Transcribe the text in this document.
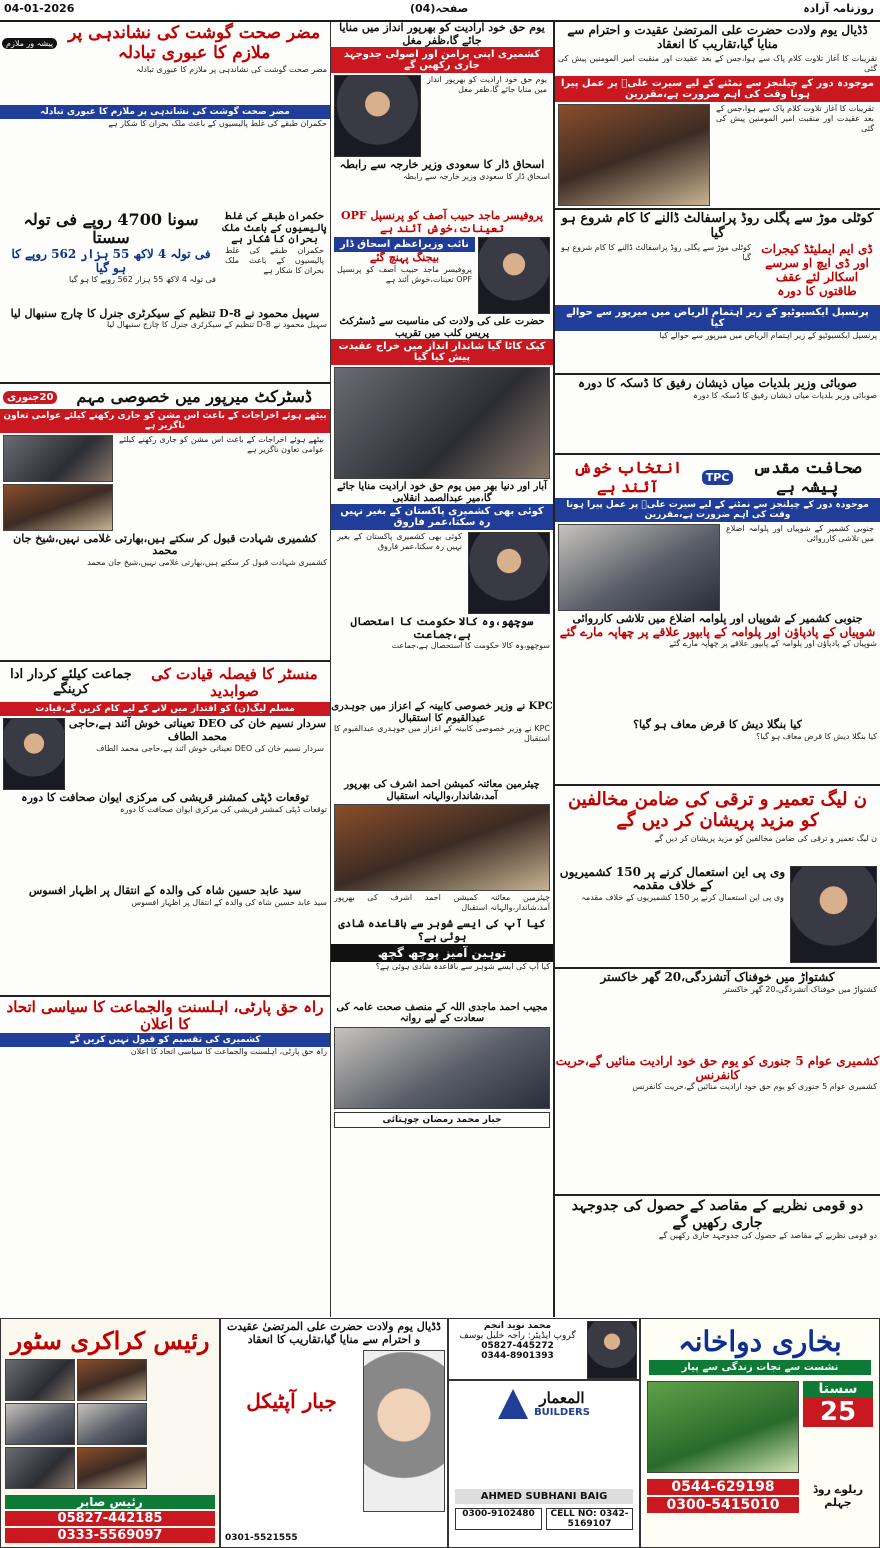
04-01-2026	صفحہ(04)	روزنامہ آزادہ
ڈڈیال یوم ولادت حضرت علی المرتضیٰ عقیدت و احترام سے منایا گیا،تقاریب کا انعقاد
تقریبات کا آغاز تلاوت کلام پاک سے ہوا،جس کے بعد عقیدت اور منقبت امیر المومنین پیش کی گئی
موجودہ دور کے چیلنجز سے نمٹنے کے لیے سیرت علیؓ پر عمل پیرا ہونا وقت کی اہم ضرورت ہے،مقررین
تقریبات کا آغاز تلاوت کلام پاک سے ہوا،جس کے بعد عقیدت اور منقبت امیر المومنین پیش کی گئی
کوٹلی موڑ سے پگلی روڈ پراسفالٹ ڈالنے کا کام شروع ہو گیا
کوٹلی موڑ سے پگلی روڈ پراسفالٹ ڈالنے کا کام شروع ہو گیا
ڈی ایم ایملیٹڈ کیجرات اور ڈی ایچ او سرسے اسکالر لئے عقف طاقتوں کا دورہ
پرنسپل ایکسیوٹیو کے زیر اہتمام الریاض میں میرپور سے حوالے کیا
پرنسپل ایکسیوٹیو کے زیر اہتمام الریاض میں میرپور سے حوالے کیا
صوبائی وزیر بلدیات میاں ذیشان رفیق کا ڈسکہ کا دورہ
صوبائی وزیر بلدیات میاں ذیشان رفیق کا ڈسکہ کا دورہ
صحافت مقدس پیشہ ہے
TPC
انتخاب خوش آئند ہے
موجودہ دور کے چیلنجز سے نمٹنے کے لیے سیرت علیؓ پر عمل پیرا ہونا وقت کی اہم ضرورت ہے،مقررین
جنوبی کشمیر کے شوپیاں اور پلوامہ اضلاع میں تلاشی کارروائی
جنوبی کشمیر کے شوپیاں اور پلوامہ اضلاع میں تلاشی کارروائی
شوپیاں کے پادپاؤن اور پلوامہ کے پابپور علاقے پر چھاپہ مارے گئے
شوپیاں کے پادپاؤن اور پلوامہ کے پابپور علاقے پر چھاپہ مارے گئے
کیا بنگلا دیش کا قرض معاف ہو گیا؟
کیا بنگلا دیش کا قرض معاف ہو گیا؟
ن لیگ تعمیر و ترقی کی ضامن مخالفین کو مزید پریشان کر دیں گے
ن لیگ تعمیر و ترقی کی ضامن مخالفین کو مزید پریشان کر دیں گے
وی پی این استعمال کرنے پر 150 کشمیریوں کے خلاف مقدمہ
وی پی این استعمال کرنے پر 150 کشمیریوں کے خلاف مقدمہ
کشتواڑ میں خوفناک آتشزدگی،20 گھر خاکستر
کشتواڑ میں خوفناک آتشزدگی،20 گھر خاکستر
کشمیری عوام 5 جنوری کو یوم حق خود ارادیت منائیں گے،حریت کانفرنس
کشمیری عوام 5 جنوری کو یوم حق خود ارادیت منائیں گے،حریت کانفرنس
دو قومی نظریے کے مقاصد کے حصول کی جدوجہد جاری رکھیں گے
دو قومی نظریے کے مقاصد کے حصول کی جدوجہد جاری رکھیں گے
یوم حق خود ارادیت کو بھرپور انداز میں منایا جائے گا،ظفر مغل
کشمیری اپنی پرامن اور اصولی جدوجہد جاری رکھیں گے
یوم حق خود ارادیت کو بھرپور انداز میں منایا جائے گا،ظفر مغل
اسحاق ڈار کا سعودی وزیر خارجہ سے رابطہ
اسحاق ڈار کا سعودی وزیر خارجہ سے رابطہ
پروفیسر ماجد حبیب آصف کو پرنسپل OPF تعینات،خوش آئند ہے
نائب وزیراعظم اسحاق ڈار
بیجنگ پہنچ گئے
پروفیسر ماجد حبیب آصف کو پرنسپل OPF تعینات،خوش آئند ہے
حضرت علی کی ولادت کی مناسبت سے ڈسٹرکٹ پریس کلب میں تقریب
کیک کاٹا گیا شاندار انداز میں خراج عقیدت پیش کیا گیا
آبار اور دنیا بھر میں یوم حق خود ارادیت منایا جائے گا،میر عبدالصمد انقلابی
کوئی بھی کشمیری پاکستان کے بغیر نہیں رہ سکتا،عمر فاروق
کوئی بھی کشمیری پاکستان کے بغیر نہیں رہ سکتا،عمر فاروق
سوچھو،وہ کالا حکومت کا استحصال ہے،جماعت
سوچھو،وہ کالا حکومت کا استحصال ہے،جماعت
KPC نے وزیر خصوصی کابینہ کے اعزاز میں جوہدری عبدالقیوم کا استقبال
KPC نے وزیر خصوصی کابینہ کے اعزاز میں جوہدری عبدالقیوم کا استقبال
چیئرمین معائنہ کمیشن احمد اشرف کی بھرپور آمد،شاندار،والہانہ استقبال
چیئرمین معائنہ کمیشن احمد اشرف کی بھرپور آمد،شاندار،والہانہ استقبال
کیا آپ کی ایسے شوہر سے باقاعدہ شادی ہوئی ہے؟
توہین آمیز پوچھ گچھ
کیا آپ کی ایسے شوہر سے باقاعدہ شادی ہوئی ہے؟
مجیب احمد ماجدی اللہ کے منصف صحت عامہ کی سعادت کے لیے روانہ
جبار محمد رمضان چوہتائی
مضر صحت گوشت کی نشاندہی پر ملازم کا عبوری تبادلہ
پیشہ ور ملازم
مضر صحت گوشت کی نشاندہی پر ملازم کا عبوری تبادلہ
مضر صحت گوشت کی نشاندہی پر ملازم کا عبوری تبادلہ
حکمران طبقے کی غلط پالیسیوں کے باعث ملک بحران کا شکار ہے
سونا 4700 روپے فی تولہ سستا
فی تولہ 4 لاکھ 55 ہزار 562 روپے کا ہو گیا
فی تولہ 4 لاکھ 55 ہزار 562 روپے کا ہو گیا
حکمران طبقے کی غلط پالیسیوں کے باعث ملک بحران کا شکار ہے
حکمران طبقے کی غلط پالیسیوں کے باعث ملک بحران کا شکار ہے
سہیل محمود نے D-8 تنظیم کے سیکرٹری جنرل کا چارج سنبھال لیا
سہیل محمود نے D-8 تنظیم کے سیکرٹری جنرل کا چارج سنبھال لیا
ڈسٹرکٹ میرپور میں خصوصی مہم
20جنوری
بیٹھے ہوئے اخراجات کے باعث اس مشن کو جاری رکھنے کیلئے عوامی تعاون ناگزیر ہے
بیٹھے ہوئے اخراجات کے باعث اس مشن کو جاری رکھنے کیلئے عوامی تعاون ناگزیر ہے
کشمیری شہادت قبول کر سکتے ہیں،بھارتی غلامی نہیں،شیخ جان محمد
کشمیری شہادت قبول کر سکتے ہیں،بھارتی غلامی نہیں،شیخ جان محمد
منسٹر کا فیصلہ قیادت کی صوابدید
جماعت کیلئے کردار ادا کرینگے
مسلم لیگ(ن) کو اقتدار میں لانے کے لیے کام کریں گے،قیادت
سردار نسیم خان کی DEO تعیناتی خوش آئند ہے،حاجی محمد الطاف
سردار نسیم خان کی DEO تعیناتی خوش آئند ہے،حاجی محمد الطاف
توقعات ڈپٹی کمشنر قریشی کی مرکزی ایوان صحافت کا دورہ
توقعات ڈپٹی کمشنر قریشی کی مرکزی ایوان صحافت کا دورہ
سید عابد حسین شاہ کی والدہ کے انتقال پر اظہار افسوس
سید عابد حسین شاہ کی والدہ کے انتقال پر اظہار افسوس
راہ حق پارٹی، اہلسنت والجماعت کا سیاسی اتحاد کا اعلان
کشمیری کی تقسیم کو قبول نہیں کریں گے
راہ حق پارٹی، اہلسنت والجماعت کا سیاسی اتحاد کا اعلان
بخاری دواخانہ
نشست سے نجات زندگی سے پیار
سستا
25
0544-629198
0300-5415010
ریلوے روڈ جہلم
المعمار
BUILDERS
AHMED SUBHANI BAIG
0300-9102480	CELL NO: 0342-5169107
محمد نوید انجم
گروپ ایڈیٹر: راجہ خلیل یوسف
05827-445272
0344-8901393
ڈڈیال یوم ولادت حضرت علی المرتضیٰ عقیدت و احترام سے منایا گیا،تقاریب کا انعقاد
جبار آپٹیکل
0301-5521555
رئیس کراکری سٹور
رئیس صابر
05827-442185
0333-5569097
